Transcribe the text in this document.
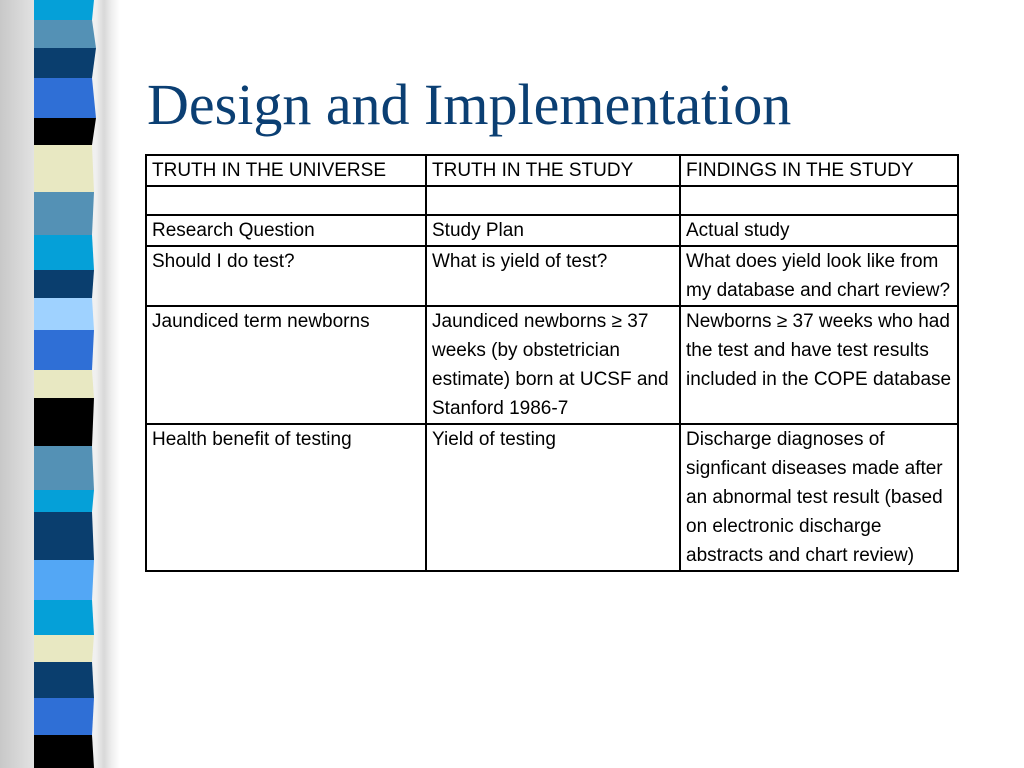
Design and Implementation
TRUTH IN THE UNIVERSE	TRUTH IN THE STUDY	FINDINGS IN THE STUDY

Research Question	Study Plan	Actual study
Should I do test?	What is yield of test?	What does yield look like from my database and chart review?
Jaundiced term newborns	Jaundiced newborns ≥ 37 weeks (by obstetrician estimate) born at UCSF and Stanford 1986-7	Newborns ≥ 37 weeks who had the test and have test results included in the COPE database
Health benefit of testing	Yield of testing	Discharge diagnoses of signficant diseases made after an abnormal test result (based on electronic discharge abstracts and chart review)
